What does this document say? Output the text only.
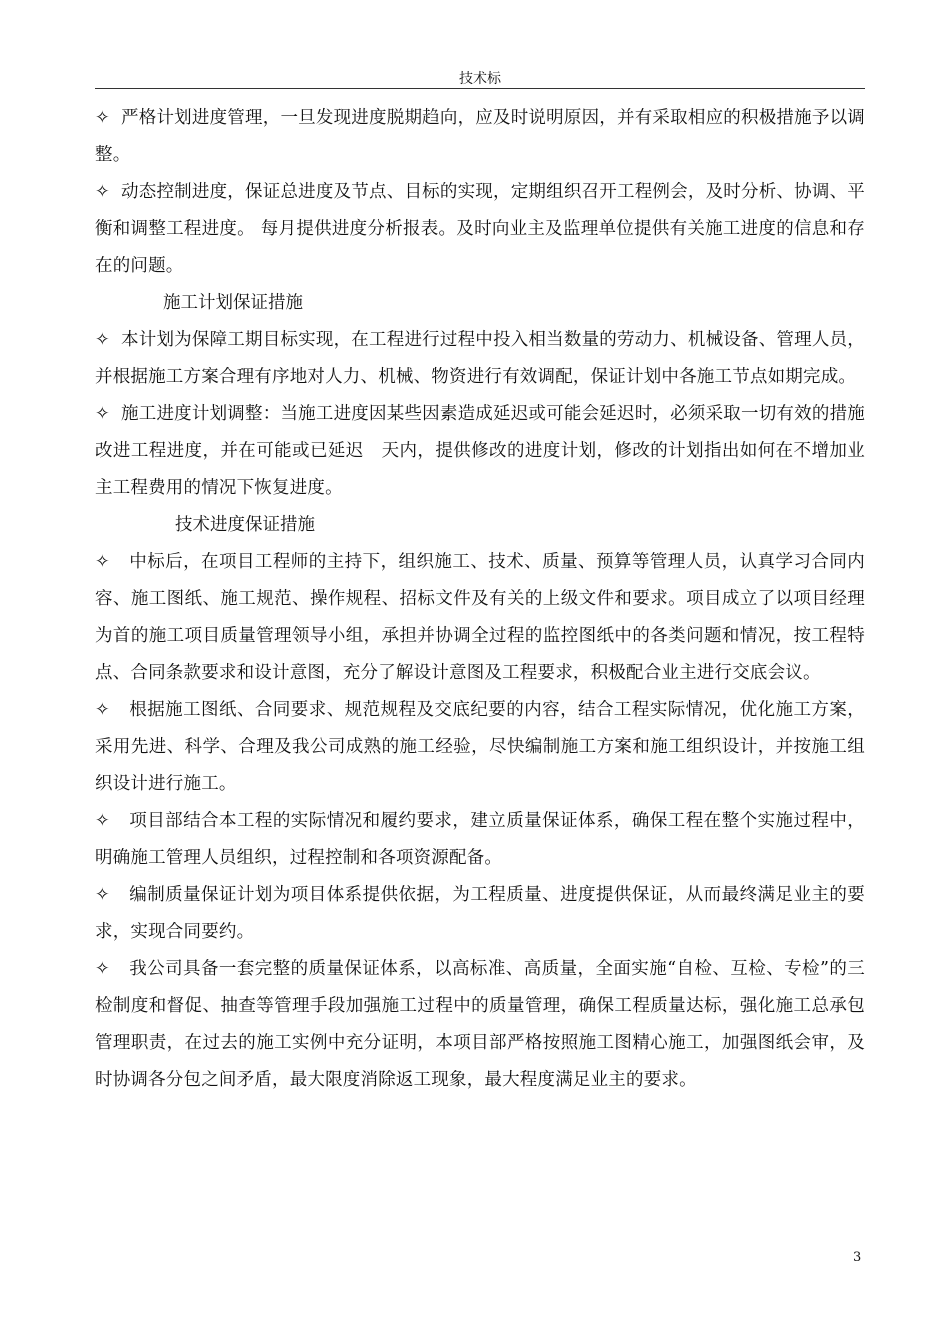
技术标

✧ 严格计划进度管理，一旦发现进度脱期趋向，应及时说明原因，并有采取相应的积极措施予以调整。

✧ 动态控制进度，保证总进度及节点、目标的实现，定期组织召开工程例会，及时分析、协调、平衡和调整工程进度。 每月提供进度分析报表。及时向业主及监理单位提供有关施工进度的信息和存在的问题。

施工计划保证措施

✧ 本计划为保障工期目标实现，在工程进行过程中投入相当数量的劳动力、机械设备、管理人员，并根据施工方案合理有序地对人力、机械、物资进行有效调配，保证计划中各施工节点如期完成。

✧ 施工进度计划调整：当施工进度因某些因素造成延迟或可能会延迟时，必须采取一切有效的措施改进工程进度，并在可能或已延迟　天内，提供修改的进度计划，修改的计划指出如何在不增加业主工程费用的情况下恢复进度。

技术进度保证措施

✧ 中标后，在项目工程师的主持下，组织施工、技术、质量、预算等管理人员，认真学习合同内容、施工图纸、施工规范、操作规程、招标文件及有关的上级文件和要求。项目成立了以项目经理为首的施工项目质量管理领导小组，承担并协调全过程的监控图纸中的各类问题和情况，按工程特点、合同条款要求和设计意图，充分了解设计意图及工程要求，积极配合业主进行交底会议。

✧ 根据施工图纸、合同要求、规范规程及交底纪要的内容，结合工程实际情况，优化施工方案，采用先进、科学、合理及我公司成熟的施工经验，尽快编制施工方案和施工组织设计，并按施工组织设计进行施工。

✧ 项目部结合本工程的实际情况和履约要求，建立质量保证体系，确保工程在整个实施过程中，明确施工管理人员组织，过程控制和各项资源配备。

✧ 编制质量保证计划为项目体系提供依据，为工程质量、进度提供保证，从而最终满足业主的要求，实现合同要约。

✧ 我公司具备一套完整的质量保证体系，以高标准、高质量，全面实施“自检、互检、专检”的三检制度和督促、抽查等管理手段加强施工过程中的质量管理，确保工程质量达标，强化施工总承包管理职责，在过去的施工实例中充分证明，本项目部严格按照施工图精心施工，加强图纸会审，及时协调各分包之间矛盾，最大限度消除返工现象，最大程度满足业主的要求。

3
